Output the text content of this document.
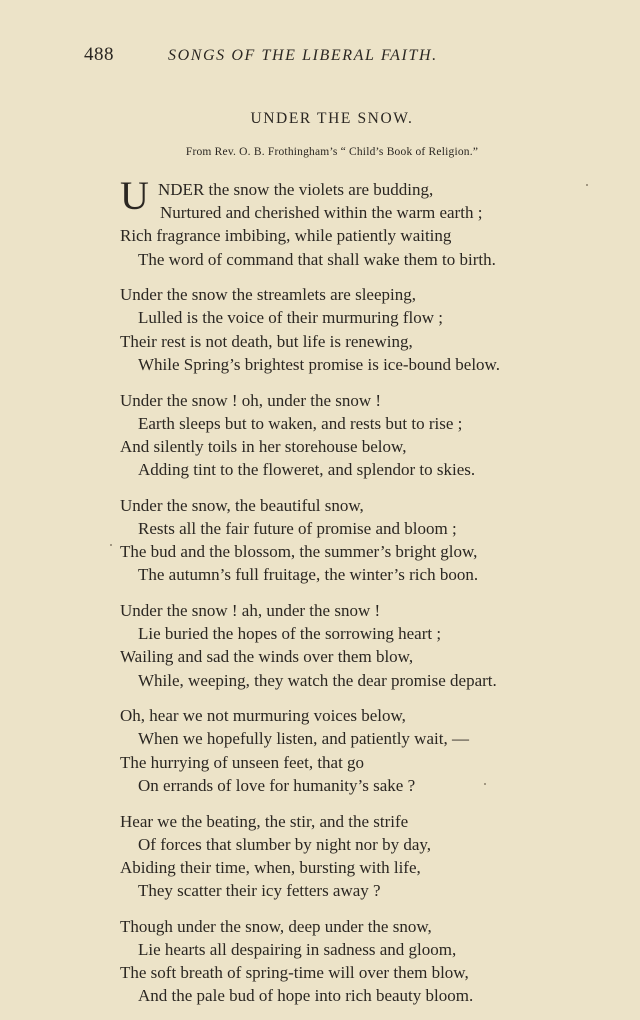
488	SONGS OF THE LIBERAL FAITH.
UNDER THE SNOW.
From Rev. O. B. Frothingham’s “ Child’s Book of Religion.”
U NDER the snow the violets are budding,
Nurtured and cherished within the warm earth ;
Rich fragrance imbibing, while patiently waiting
The word of command that shall wake them to birth.
Under the snow the streamlets are sleeping,
Lulled is the voice of their murmuring flow ;
Their rest is not death, but life is renewing,
While Spring’s brightest promise is ice-bound below.
Under the snow ! oh, under the snow !
Earth sleeps but to waken, and rests but to rise ;
And silently toils in her storehouse below,
Adding tint to the floweret, and splendor to skies.
Under the snow, the beautiful snow,
Rests all the fair future of promise and bloom ;
The bud and the blossom, the summer’s bright glow,
The autumn’s full fruitage, the winter’s rich boon.
Under the snow ! ah, under the snow !
Lie buried the hopes of the sorrowing heart ;
Wailing and sad the winds over them blow,
While, weeping, they watch the dear promise depart.
Oh, hear we not murmuring voices below,
When we hopefully listen, and patiently wait, —
The hurrying of unseen feet, that go
On errands of love for humanity’s sake ?
Hear we the beating, the stir, and the strife
Of forces that slumber by night nor by day,
Abiding their time, when, bursting with life,
They scatter their icy fetters away ?
Though under the snow, deep under the snow,
Lie hearts all despairing in sadness and gloom,
The soft breath of spring-time will over them blow,
And the pale bud of hope into rich beauty bloom.
